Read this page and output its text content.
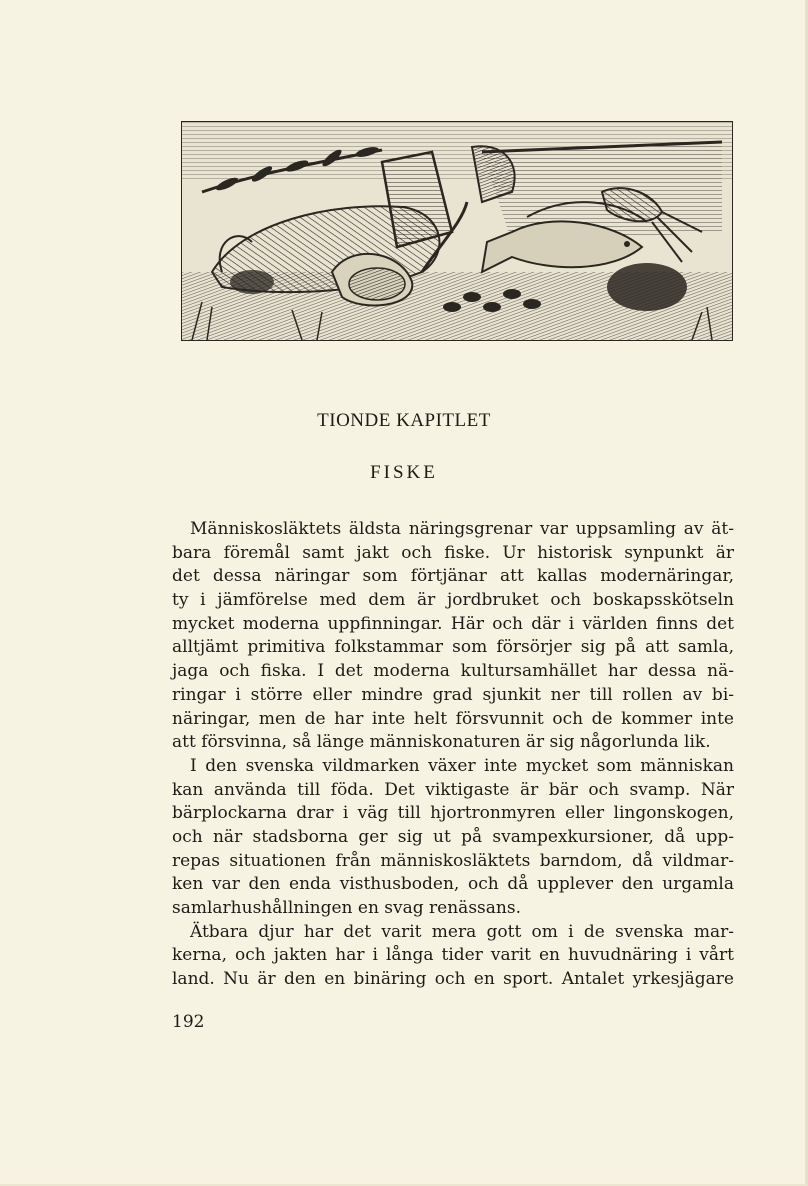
TIONDE KAPITLET
FISKE
Människosläktets äldsta näringsgrenar var uppsamling av ät-
bara föremål samt jakt och fiske. Ur historisk synpunkt är
det dessa näringar som förtjänar att kallas modernäringar,
ty i jämförelse med dem är jordbruket och boskapsskötseln
mycket moderna uppfinningar. Här och där i världen finns det
alltjämt primitiva folkstammar som försörjer sig på att samla,
jaga och fiska. I det moderna kultursamhället har dessa nä-
ringar i större eller mindre grad sjunkit ner till rollen av bi-
näringar, men de har inte helt försvunnit och de kommer inte
att försvinna, så länge människonaturen är sig någorlunda lik.
I den svenska vildmarken växer inte mycket som människan
kan använda till föda. Det viktigaste är bär och svamp. När
bärplockarna drar i väg till hjortronmyren eller lingonskogen,
och när stadsborna ger sig ut på svampexkursioner, då upp-
repas situationen från människosläktets barndom, då vildmar-
ken var den enda visthusboden, och då upplever den urgamla
samlarhushållningen en svag renässans.
Ätbara djur har det varit mera gott om i de svenska mar-
kerna, och jakten har i långa tider varit en huvudnäring i vårt
land. Nu är den en binäring och en sport. Antalet yrkesjägare
192
